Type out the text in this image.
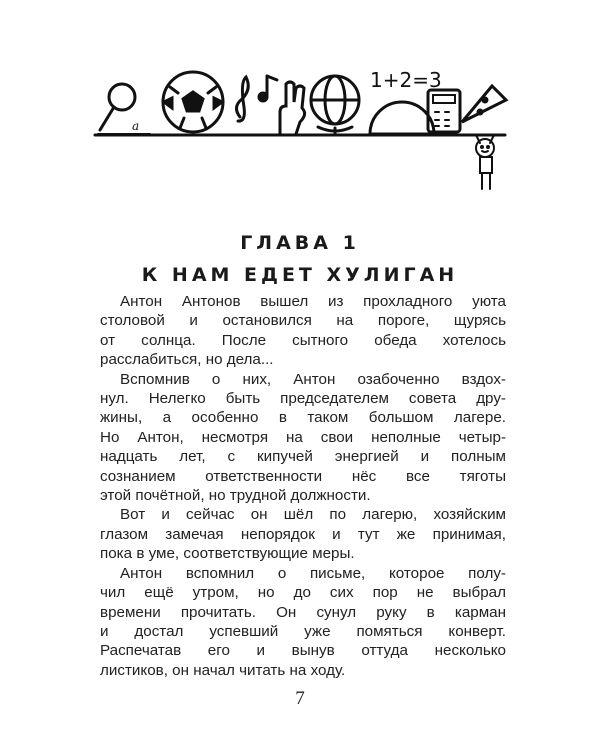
a
1+2=3
ГЛАВА 1
К НАМ ЕДЕТ ХУЛИГАН
Антон Антонов вышел из прохладного уюта
столовой и остановился на пороге, щурясь
от солнца. После сытного обеда хотелось
расслабиться, но дела...
Вспомнив о них, Антон озабоченно вздох-
нул. Нелегко быть председателем совета дру-
жины, а особенно в таком большом лагере.
Но Антон, несмотря на свои неполные четыр-
надцать лет, с кипучей энергией и полным
сознанием ответственности нёс все тяготы
этой почётной, но трудной должности.
Вот и сейчас он шёл по лагерю, хозяйским
глазом замечая непорядок и тут же принимая,
пока в уме, соответствующие меры.
Антон вспомнил о письме, которое полу-
чил ещё утром, но до сих пор не выбрал
времени прочитать. Он сунул руку в карман
и достал успевший уже помяться конверт.
Распечатав его и вынув оттуда несколько
листиков, он начал читать на ходу.
7
